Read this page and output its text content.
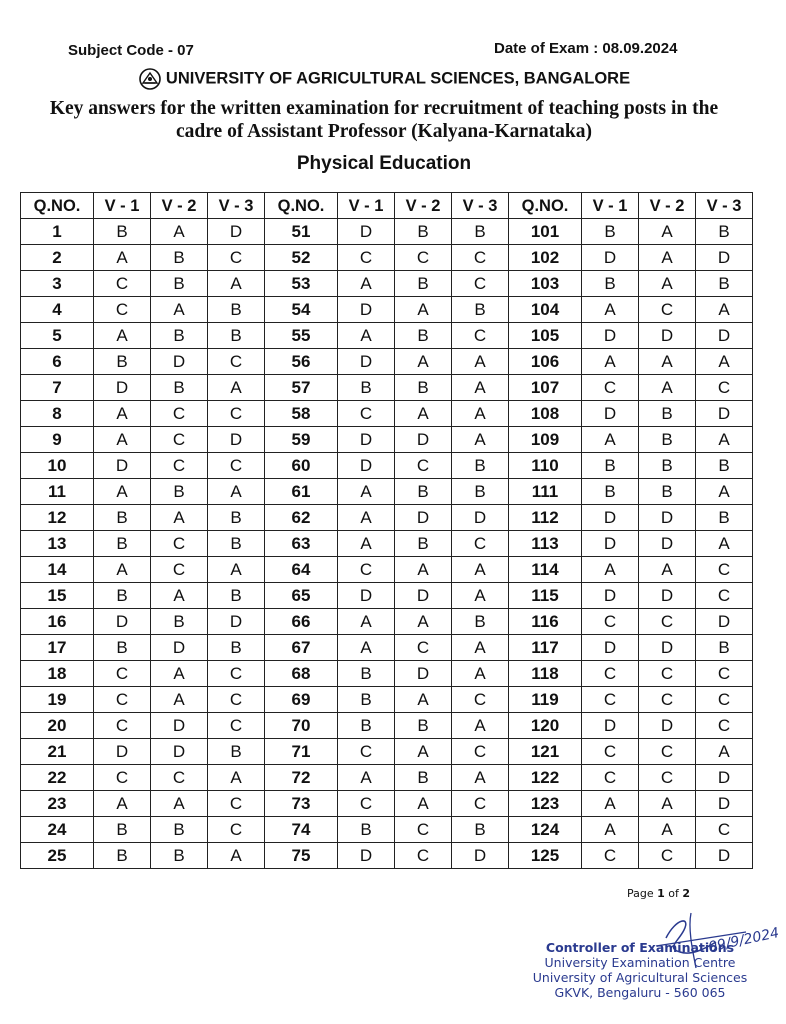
Subject Code - 07	Date of Exam : 08.09.2024
UNIVERSITY OF AGRICULTURAL SCIENCES, BANGALORE
Key answers for the written examination for recruitment of teaching posts in the
cadre of Assistant Professor (Kalyana-Karnataka)
Physical Education
Q.NO.	V - 1	V - 2	V - 3	Q.NO.	V - 1	V - 2	V - 3	Q.NO.	V - 1	V - 2	V - 3
1	B	A	D	51	D	B	B	101	B	A	B
2	A	B	C	52	C	C	C	102	D	A	D
3	C	B	A	53	A	B	C	103	B	A	B
4	C	A	B	54	D	A	B	104	A	C	A
5	A	B	B	55	A	B	C	105	D	D	D
6	B	D	C	56	D	A	A	106	A	A	A
7	D	B	A	57	B	B	A	107	C	A	C
8	A	C	C	58	C	A	A	108	D	B	D
9	A	C	D	59	D	D	A	109	A	B	A
10	D	C	C	60	D	C	B	110	B	B	B
11	A	B	A	61	A	B	B	111	B	B	A
12	B	A	B	62	A	D	D	112	D	D	B
13	B	C	B	63	A	B	C	113	D	D	A
14	A	C	A	64	C	A	A	114	A	A	C
15	B	A	B	65	D	D	A	115	D	D	C
16	D	B	D	66	A	A	B	116	C	C	D
17	B	D	B	67	A	C	A	117	D	D	B
18	C	A	C	68	B	D	A	118	C	C	C
19	C	A	C	69	B	A	C	119	C	C	C
20	C	D	C	70	B	B	A	120	D	D	C
21	D	D	B	71	C	A	C	121	C	C	A
22	C	C	A	72	A	B	A	122	C	C	D
23	A	A	C	73	C	A	C	123	A	A	D
24	B	B	C	74	B	C	B	124	A	A	C
25	B	B	A	75	D	C	D	125	C	C	D
Page 1 of 2
09/9/2024
Controller of Examinations
University Examination Centre
University of Agricultural Sciences
GKVK, Bengaluru - 560 065
